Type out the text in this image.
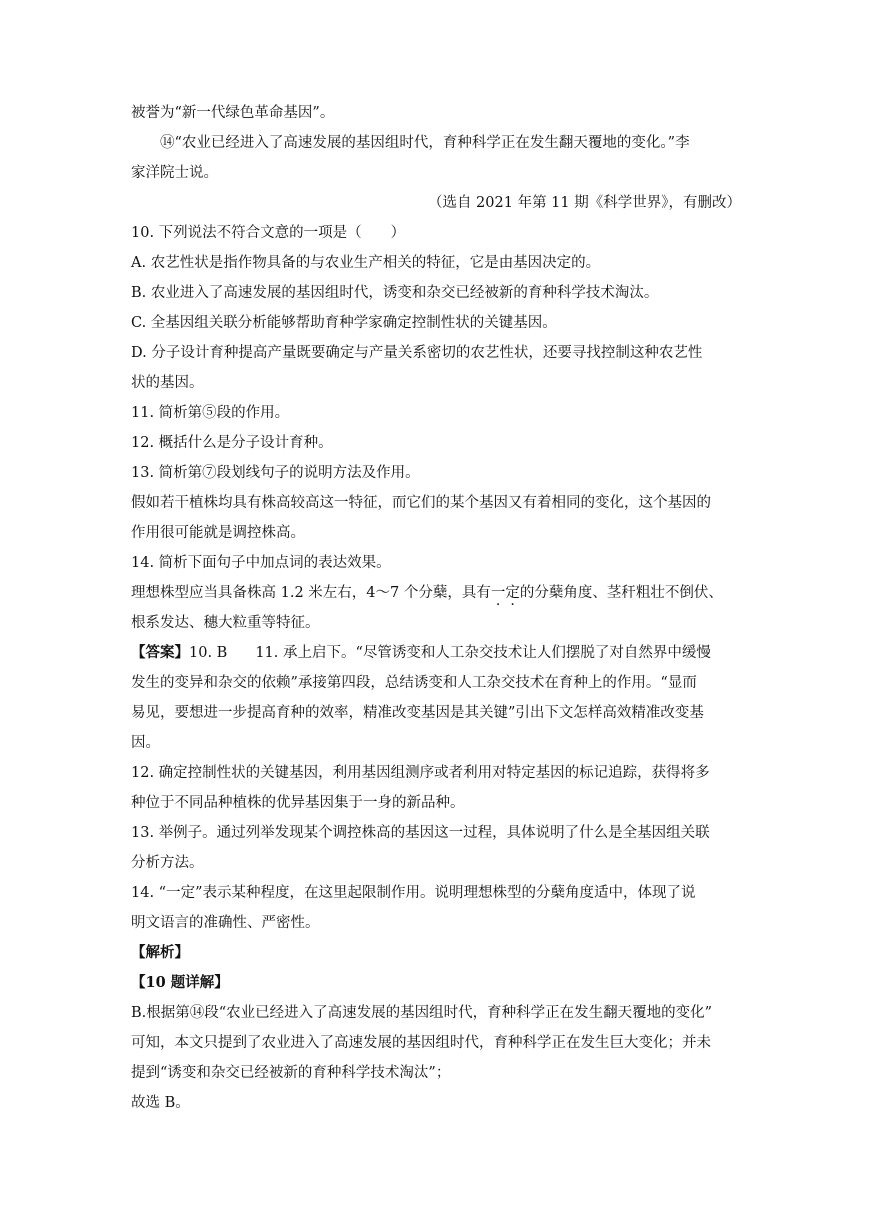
被誉为“新一代绿色革命基因”。
⑭“农业已经进入了高速发展的基因组时代，育种科学正在发生翻天覆地的变化。”李
家洋院士说。
（选自 2021 年第 11 期《科学世界》，有删改）
10. 下列说法不符合文意的一项是（　　）
A. 农艺性状是指作物具备的与农业生产相关的特征，它是由基因决定的。
B. 农业进入了高速发展的基因组时代，诱变和杂交已经被新的育种科学技术淘汰。
C. 全基因组关联分析能够帮助育种学家确定控制性状的关键基因。
D. 分子设计育种提高产量既要确定与产量关系密切的农艺性状，还要寻找控制这种农艺性
状的基因。
11. 简析第⑤段的作用。
12. 概括什么是分子设计育种。
13. 简析第⑦段划线句子的说明方法及作用。
假如若干植株均具有株高较高这一特征，而它们的某个基因又有着相同的变化，这个基因的
作用很可能就是调控株高。
14. 简析下面句子中加点词的表达效果。
理想株型应当具备株高 1.2 米左右，4～7 个分蘖，具有一定的分蘖角度、茎秆粗壮不倒伏、
根系发达、穗大粒重等特征。
【答案】10. B 11. 承上启下。“尽管诱变和人工杂交技术让人们摆脱了对自然界中缓慢
发生的变异和杂交的依赖”承接第四段，总结诱变和人工杂交技术在育种上的作用。“显而
易见，要想进一步提高育种的效率，精准改变基因是其关键”引出下文怎样高效精准改变基
因。
12. 确定控制性状的关键基因，利用基因组测序或者利用对特定基因的标记追踪，获得将多
种位于不同品种植株的优异基因集于一身的新品种。
13. 举例子。通过列举发现某个调控株高的基因这一过程，具体说明了什么是全基因组关联
分析方法。
14. “一定”表示某种程度，在这里起限制作用。说明理想株型的分蘖角度适中，体现了说
明文语言的准确性、严密性。
【解析】
【10 题详解】
B.根据第⑭段“农业已经进入了高速发展的基因组时代，育种科学正在发生翻天覆地的变化”
可知，本文只提到了农业进入了高速发展的基因组时代，育种科学正在发生巨大变化；并未
提到“诱变和杂交已经被新的育种科学技术淘汰”；
故选 B。
